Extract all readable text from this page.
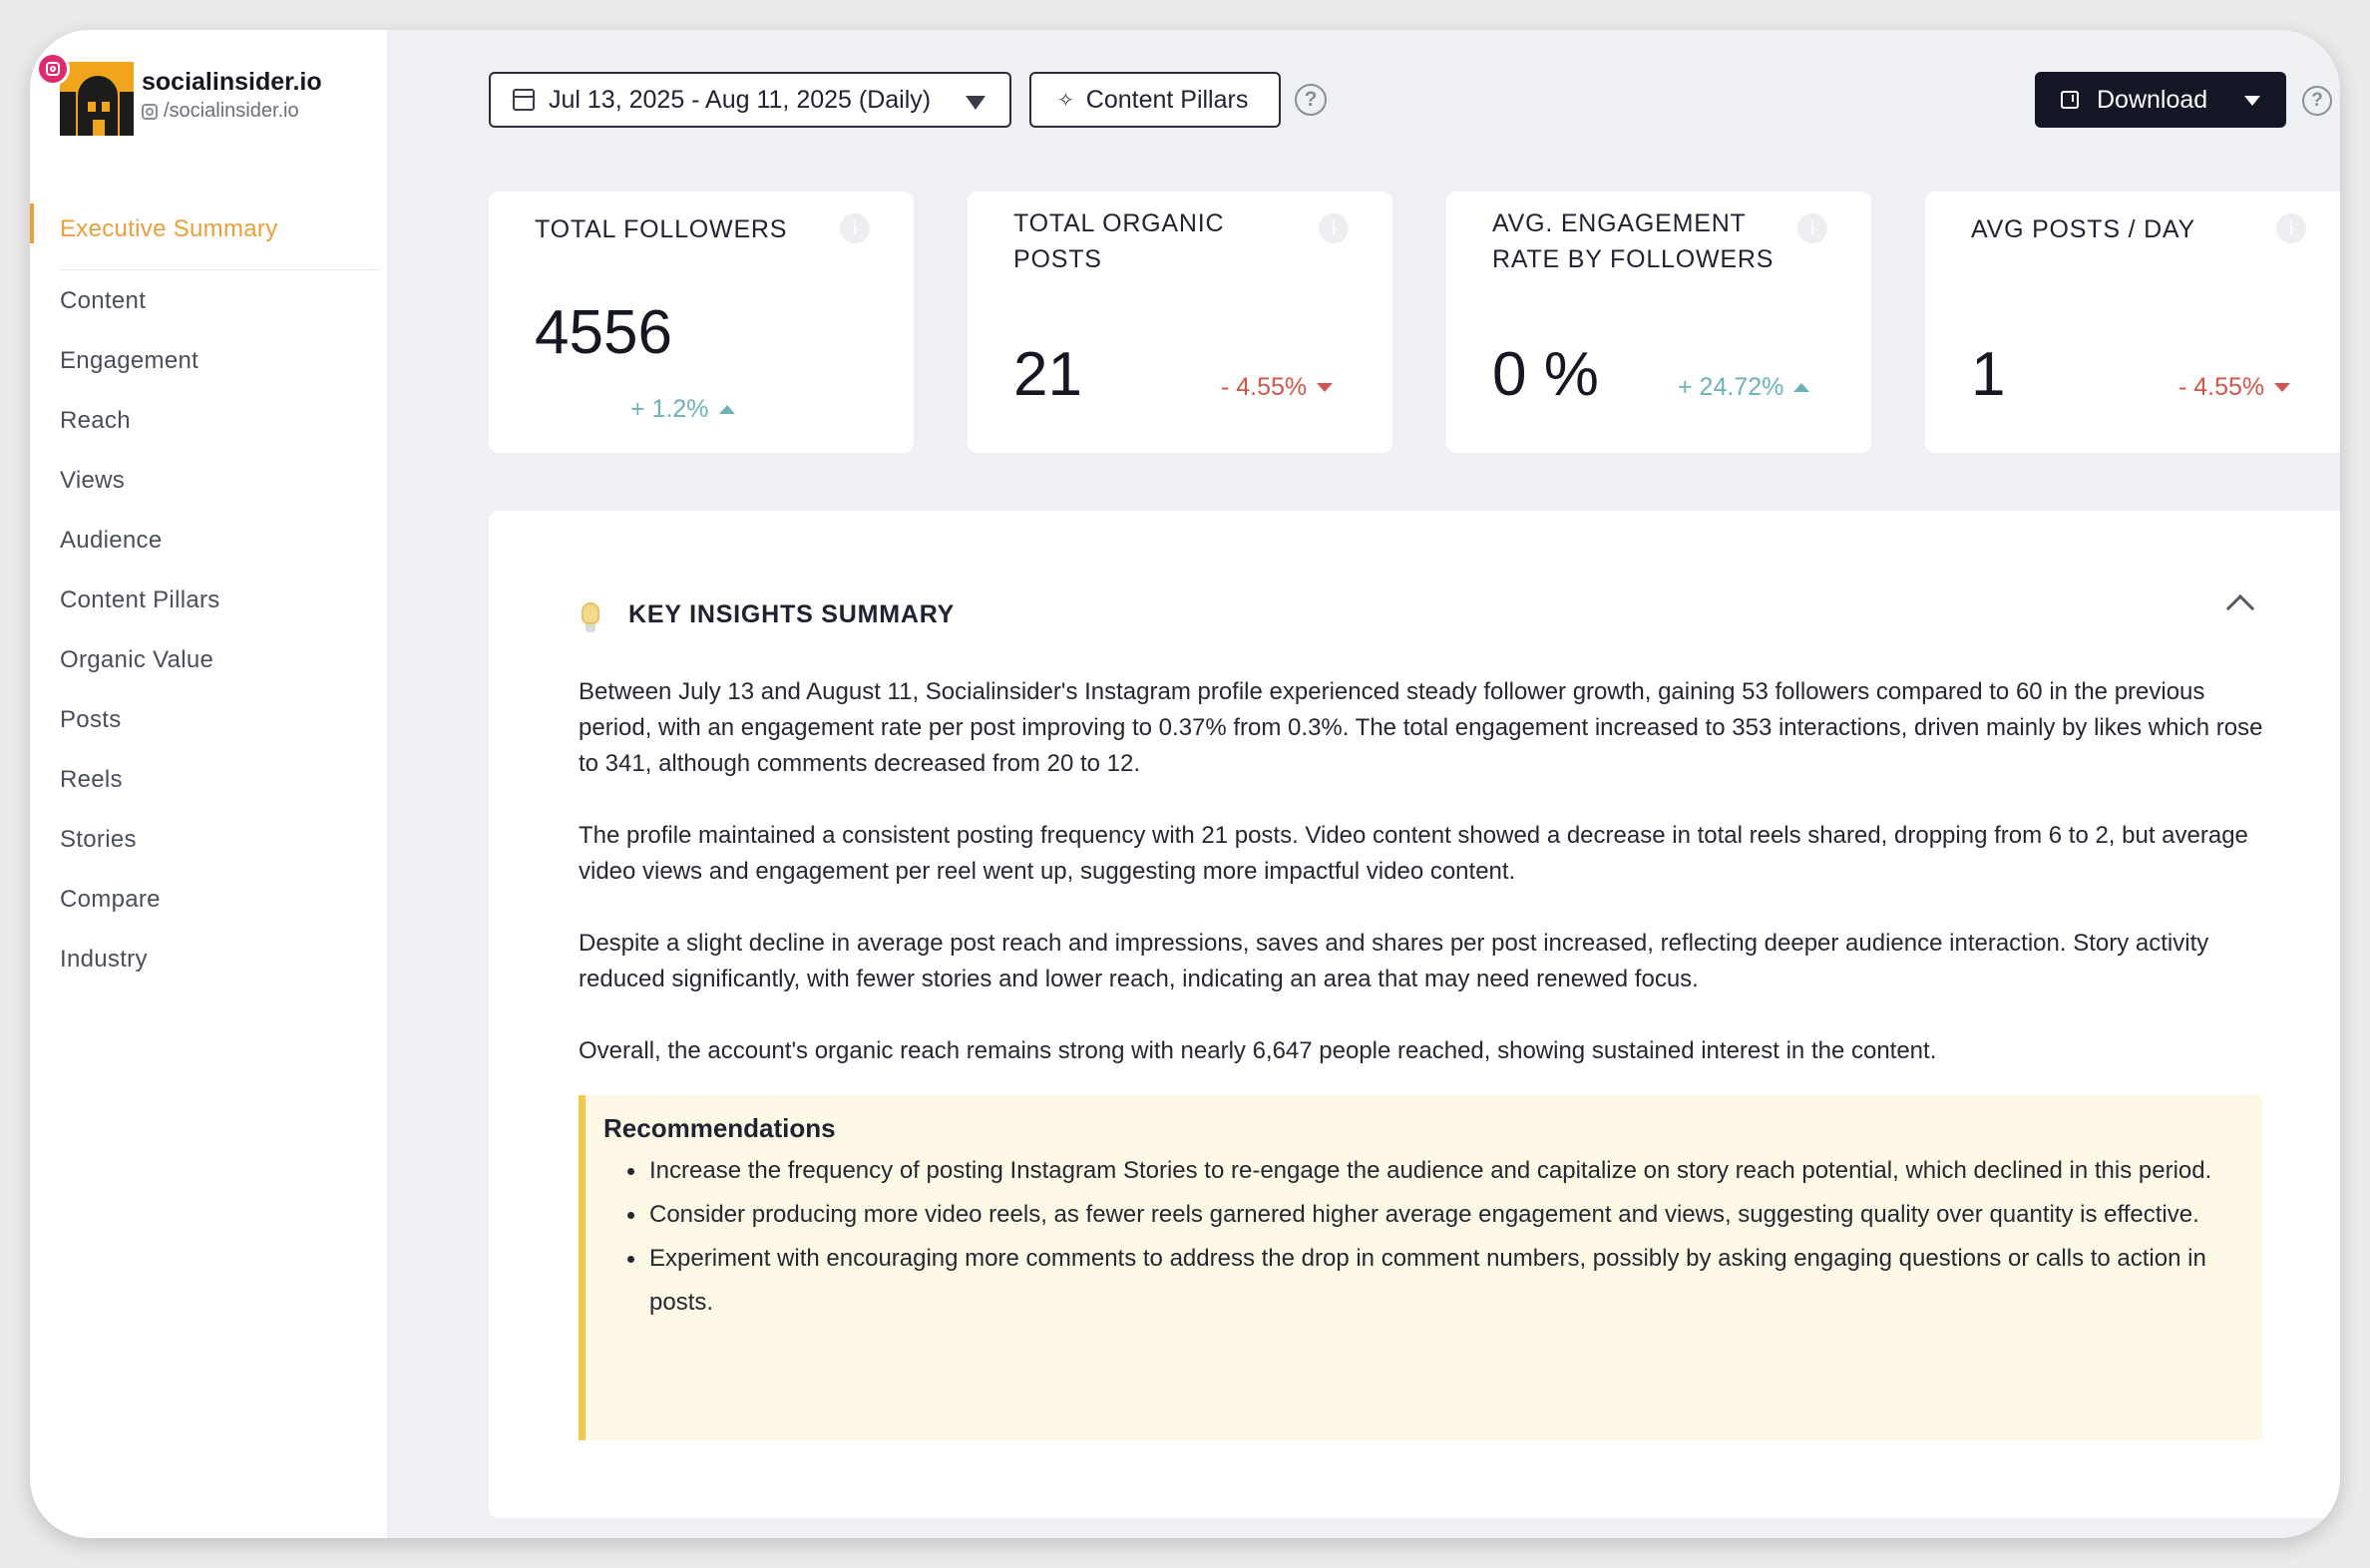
socialinsider.io
/socialinsider.io
Executive Summary
Content
Engagement
Reach
Views
Audience
Content Pillars
Organic Value
Posts
Reels
Stories
Compare
Industry
Jul 13, 2025 - Aug 11, 2025 (Daily)	✧ Content Pillars	?	Download	?
TOTAL FOLLOWERS	i
4556
+ 1.2%
TOTAL ORGANIC POSTS
i
21	- 4.55%
AVG. ENGAGEMENT RATE BY FOLLOWERS
i
0 %	+ 24.72%
AVG POSTS / DAY	i
1	- 4.55%
KEY INSIGHTS SUMMARY

Between July 13 and August 11, Socialinsider's Instagram profile experienced steady follower growth, gaining 53 followers compared to 60 in the previous period, with an engagement rate per post improving to 0.37% from 0.3%. The total engagement increased to 353 interactions, driven mainly by likes which rose to 341, although comments decreased from 20 to 12.

The profile maintained a consistent posting frequency with 21 posts. Video content showed a decrease in total reels shared, dropping from 6 to 2, but average video views and engagement per reel went up, suggesting more impactful video content.

Despite a slight decline in average post reach and impressions, saves and shares per post increased, reflecting deeper audience interaction. Story activity reduced significantly, with fewer stories and lower reach, indicating an area that may need renewed focus.

Overall, the account's organic reach remains strong with nearly 6,647 people reached, showing sustained interest in the content.

Recommendations
Increase the frequency of posting Instagram Stories to re-engage the audience and capitalize on story reach potential, which declined in this period.
Consider producing more video reels, as fewer reels garnered higher average engagement and views, suggesting quality over quantity is effective.
Experiment with encouraging more comments to address the drop in comment numbers, possibly by asking engaging questions or calls to action in posts.
